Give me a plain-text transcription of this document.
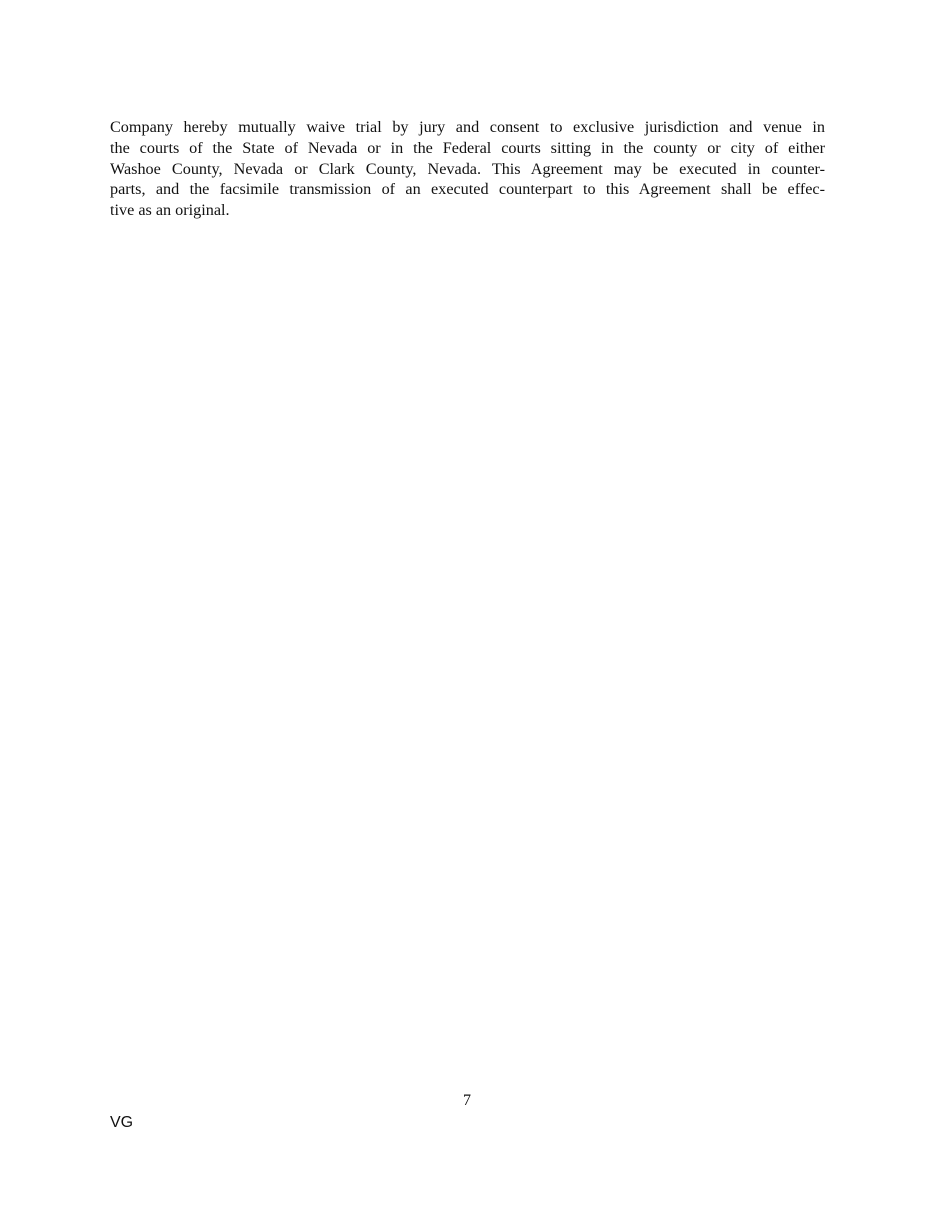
Company hereby mutually waive trial by jury and consent to exclusive jurisdiction and venue in
the courts of the State of Nevada or in the Federal courts sitting in the county or city of either
Washoe County, Nevada or Clark County, Nevada. This Agreement may be executed in counter-
parts, and the facsimile transmission of an executed counterpart to this Agreement shall be effec-
tive as an original.

7
VG
